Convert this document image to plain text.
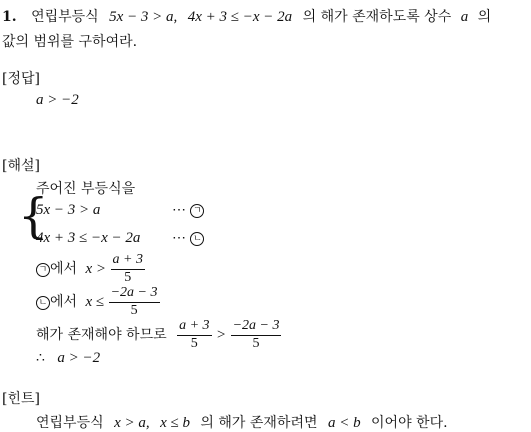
1. 연립부등식 5x − 3 > a, 4x + 3 ≤ −x − 2a 의 해가 존재하도록 상수 a 의
값의 범위를 구하여라.
[정답]
a > −2
[해설]
주어진 부등식을
{
5x − 3 > a	⋯ ㄱ
4x + 3 ≤ −x − 2a ⋯ ㄴ
ㄱ 에서 $x > \frac{a + 3}{5}$
ㄴ 에서 $x \le \frac{-2a - 3}{5}$
해가 존재해야 하므로 $\frac{a + 3}{5} > \frac{-2a - 3}{5}$
∴ a > −2
[힌트]
연립부등식 x > a, x ≤ b 의 해가 존재하려면 a < b 이어야 한다.
